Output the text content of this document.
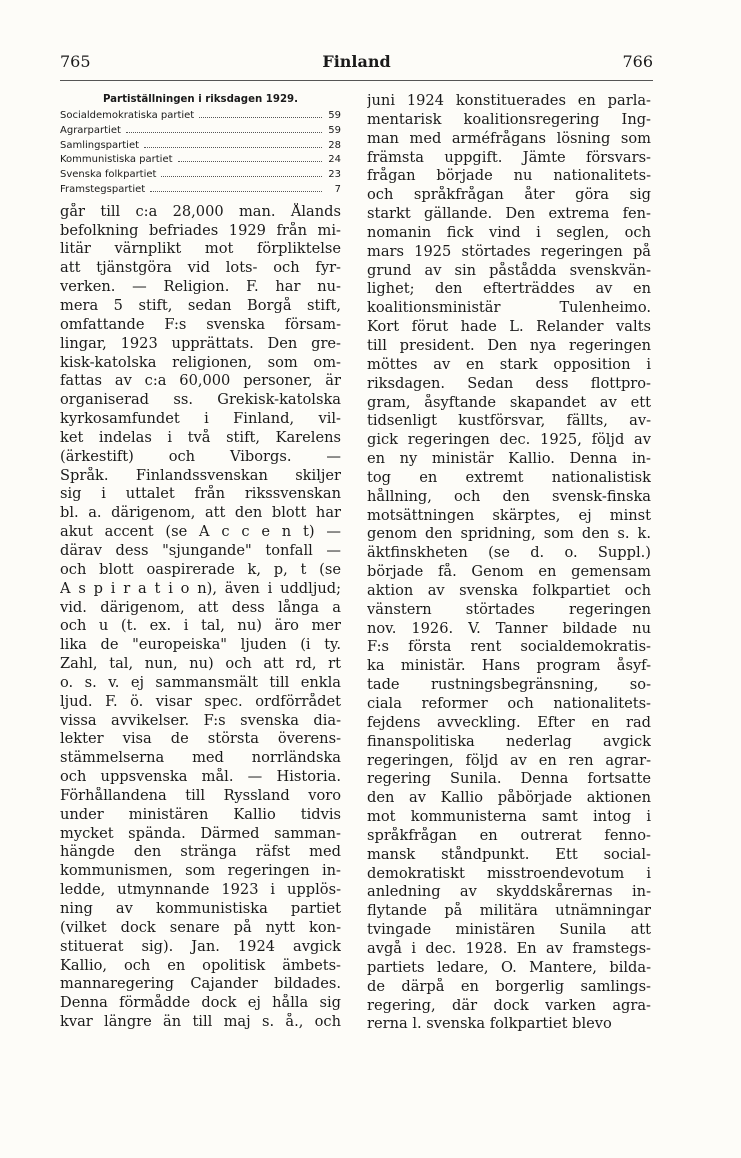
765	Finland	766
Partiställningen i riksdagen 1929.
Socialdemokratiska partiet	59
Agrarpartiet	59
Samlingspartiet	28
Kommunistiska partiet	24
Svenska folkpartiet	23
Framstegspartiet	7
går till c:a 28,000 man. Ålands
befolkning befriades 1929 från mi-
litär värnplikt mot förpliktelse
att tjänstgöra vid lots- och fyr-
verken. — Religion. F. har nu-
mera 5 stift, sedan Borgå stift,
omfattande F:s svenska försam-
lingar, 1923 upprättats. Den gre-
kisk-katolska religionen, som om-
fattas av c:a 60,000 personer, är
organiserad ss. Grekisk-katolska
kyrkosamfundet i Finland, vil-
ket indelas i två stift, Karelens
(ärkestift) och Viborgs. —
Språk. Finlandssvenskan skiljer
sig i uttalet från rikssvenskan
bl. a. därigenom, att den blott har
akut accent (se A c c e n t) —
därav dess "sjungande" tonfall —
och blott oaspirerade k, p, t (se
A s p i r a t i o n), även i uddljud;
vid. därigenom, att dess långa a
och u (t. ex. i tal, nu) äro mer
lika de "europeiska" ljuden (i ty.
Zahl, tal, nun, nu) och att rd, rt
o. s. v. ej sammansmält till enkla
ljud. F. ö. visar spec. ordförrådet
vissa avvikelser. F:s svenska dia-
lekter visa de största överens-
stämmelserna med norrländska
och uppsvenska mål. — Historia.
Förhållandena till Ryssland voro
under ministären Kallio tidvis
mycket spända. Därmed samman-
hängde den stränga räfst med
kommunismen, som regeringen in-
ledde, utmynnande 1923 i upplös-
ning av kommunistiska partiet
(vilket dock senare på nytt kon-
stituerat sig). Jan. 1924 avgick
Kallio, och en opolitisk ämbets-
mannaregering Cajander bildades.
Denna förmådde dock ej hålla sig
kvar längre än till maj s. å., och
juni 1924 konstituerades en parla-
mentarisk koalitionsregering Ing-
man med arméfrågans lösning som
främsta uppgift. Jämte försvars-
frågan började nu nationalitets-
och språkfrågan åter göra sig
starkt gällande. Den extrema fen-
nomanin fick vind i seglen, och
mars 1925 störtades regeringen på
grund av sin påstådda svenskvän-
lighet; den efterträddes av en
koalitionsministär Tulenheimo.
Kort förut hade L. Relander valts
till president. Den nya regeringen
möttes av en stark opposition i
riksdagen. Sedan dess flottpro-
gram, åsyftande skapandet av ett
tidsenligt kustförsvar, fällts, av-
gick regeringen dec. 1925, följd av
en ny ministär Kallio. Denna in-
tog en extremt nationalistisk
hållning, och den svensk-finska
motsättningen skärptes, ej minst
genom den spridning, som den s. k.
äktfinskheten (se d. o. Suppl.)
började få. Genom en gemensam
aktion av svenska folkpartiet och
vänstern störtades regeringen
nov. 1926. V. Tanner bildade nu
F:s första rent socialdemokratis-
ka ministär. Hans program åsyf-
tade rustningsbegränsning, so-
ciala reformer och nationalitets-
fejdens avveckling. Efter en rad
finanspolitiska nederlag avgick
regeringen, följd av en ren agrar-
regering Sunila. Denna fortsatte
den av Kallio påbörjade aktionen
mot kommunisterna samt intog i
språkfrågan en outrerat fenno-
mansk ståndpunkt. Ett social-
demokratiskt misstroendevotum i
anledning av skyddskårernas in-
flytande på militära utnämningar
tvingade ministären Sunila att
avgå i dec. 1928. En av framstegs-
partiets ledare, O. Mantere, bilda-
de därpå en borgerlig samlings-
regering, där dock varken agra-
rerna l. svenska folkpartiet blevo
